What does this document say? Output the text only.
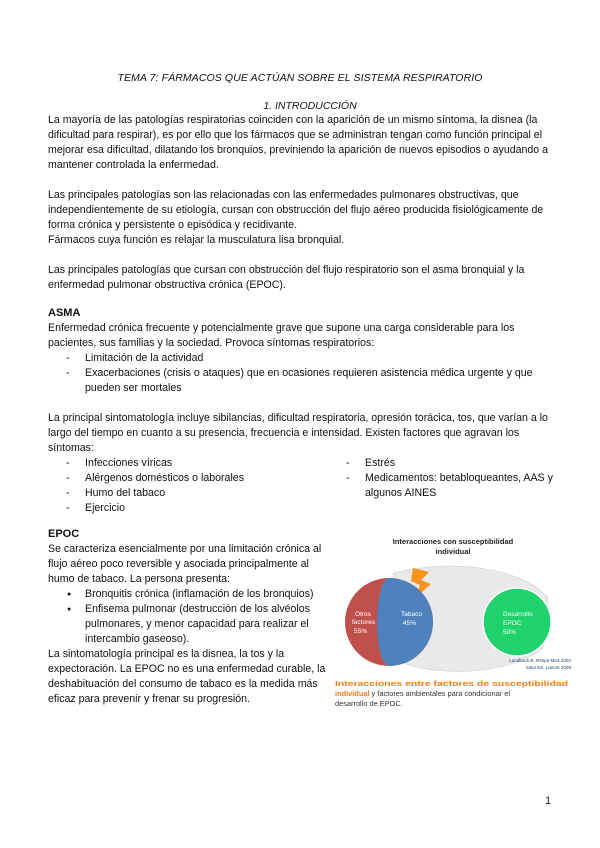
TEMA 7: FÁRMACOS QUE ACTÚAN SOBRE EL SISTEMA RESPIRATORIO
1. INTRODUCCIÓN

La mayoría de las patologías respiratorias coinciden con la aparición de un mismo síntoma, la disnea (la dificultad para respirar), es por ello que los fármacos que se administran tengan como función principal el mejorar esa dificultad, dilatando los bronquios, previniendo la aparición de nuevos episodios o ayudando a mantener controlada la enfermedad.

Las principales patologías son las relacionadas con las enfermedades pulmonares obstructivas, que independientemente de su etiología, cursan con obstrucción del flujo aéreo producida fisiológicamente de forma crónica y persistente o episódica y recidivante.

Fármacos cuya función es relajar la musculatura lisa bronquial.

Las principales patologías que cursan con obstrucción del flujo respiratorio son el asma bronquial y la enfermedad pulmonar obstructiva crónica (EPOC).

ASMA

Enfermedad crónica frecuente y potencialmente grave que supone una carga considerable para los pacientes, sus familias y la sociedad. Provoca síntomas respiratorios:

- Limitación de la actividad
- Exacerbaciones (crisis o ataques) que en ocasiones requieren asistencia médica urgente y que pueden ser mortales

La principal sintomatología incluye sibilancias, dificultad respiratoria, opresión torácica, tos, que varían a lo largo del tiempo en cuanto a su presencia, frecuencia e intensidad. Existen factores que agravan los síntomas:

- Infecciones víricas
- Alérgenos domésticos o laborales
- Humo del tabaco
- Ejercicio
- Estrés
- Medicamentos: betabloqueantes, AAS y algunos AINES

EPOC

Se caracteriza esencialmente por una limitación crónica al flujo aéreo poco reversible y asociada principalmente al humo de tabaco. La persona presenta:

● Bronquitis crónica (inflamación de los bronquios)
● Enfisema pulmonar (destrucción de los alvéolos pulmonares, y menor capacidad para realizar el intercambio gaseoso).

La sintomatología principal es la disnea, la tos y la expectoración. La EPOC no es una enfermedad curable, la deshabituación del consumo de tabaco es la medida más eficaz para prevenir y frenar su progresión.

Interacciones con susceptibilidad
individual
Otros
factores
55%
Tabaco
45%
Desarrollo
EPOC
50%
Lundback B, Respir Med 2003
Salvi SS, Lancet 2009
Interacciones entre factores de susceptibilidad
individual y factores ambientales para condicionar el
desarrollo de EPOC.
1
